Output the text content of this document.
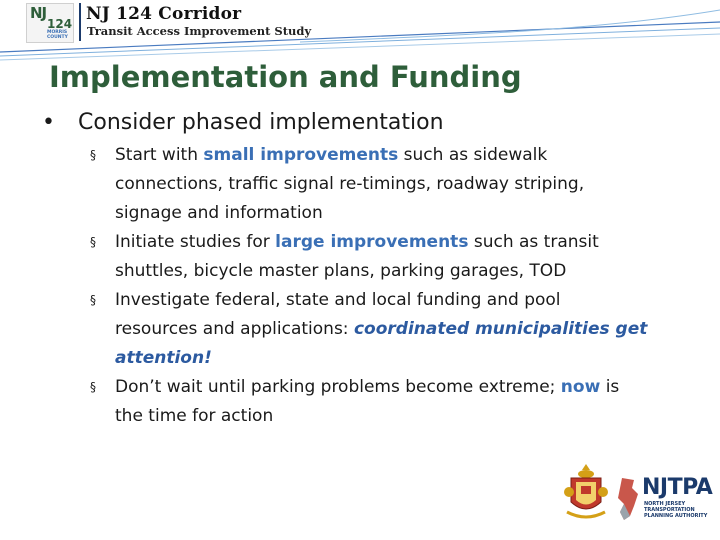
NJ
124
MORRIS COUNTY
NJ 124 Corridor
Transit Access Improvement Study
Implementation and Funding
• Consider phased implementation
§ Start with small improvements such as sidewalk
connections, traffic signal re-timings, roadway striping,
signage and information
§ Initiate studies for large improvements such as transit
shuttles, bicycle master plans, parking garages, TOD
§ Investigate federal, state and local funding and pool
resources and applications: coordinated municipalities get
attention!
§ Don’t wait until parking problems become extreme; now is
the time for action
NJTPA
NORTH JERSEY TRANSPORTATION PLANNING AUTHORITY
